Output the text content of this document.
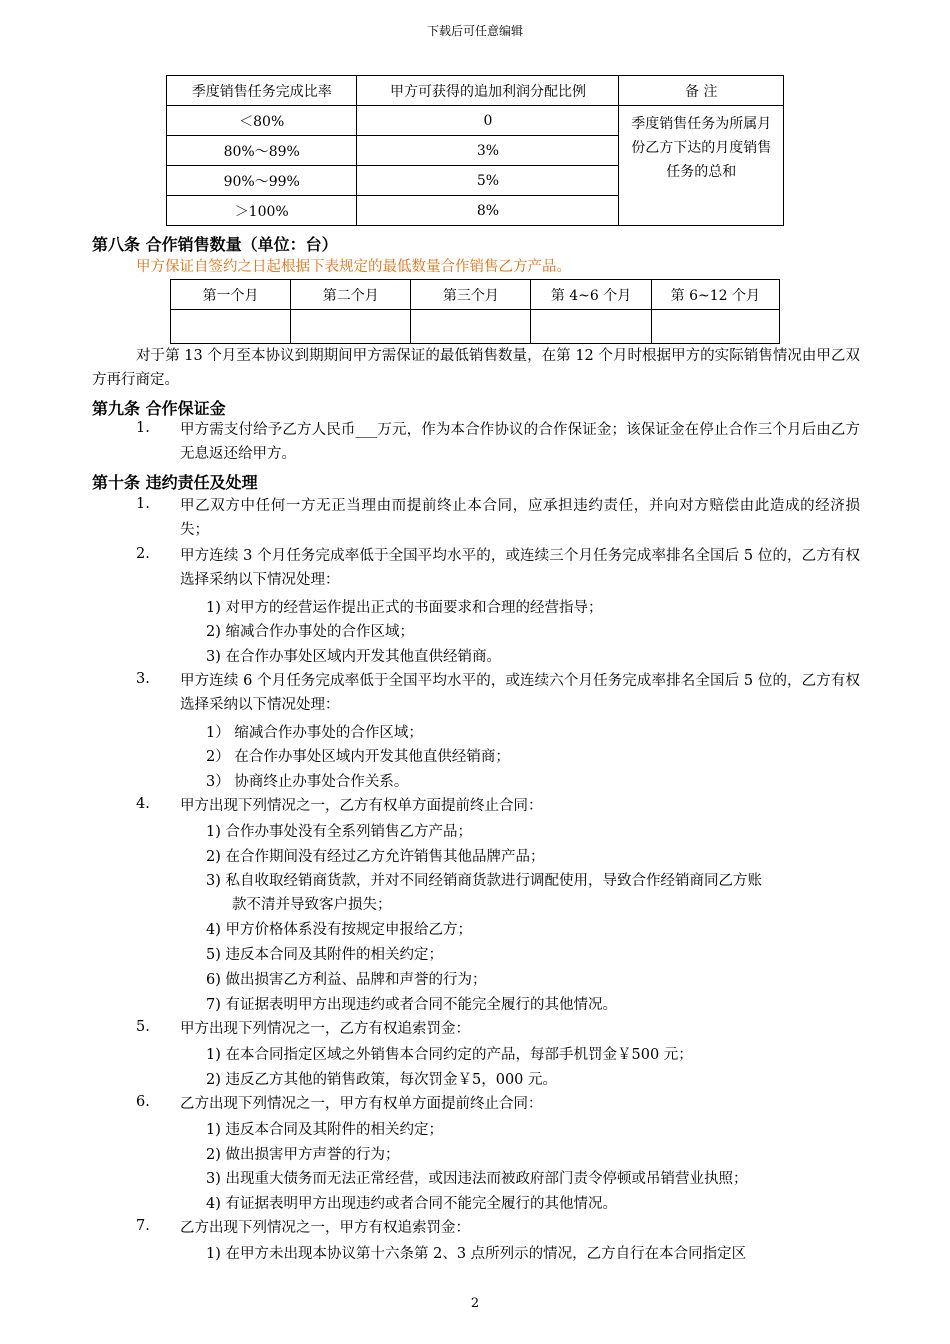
下载后可任意编辑
季度销售任务完成比率	甲方可获得的追加利润分配比例	备 注
＜80%	0	季度销售任务为所属月份乙方下达的月度销售任务的总和
80%～89%	3%	
90%～99%	5%	
＞100%	8%	
第八条 合作销售数量（单位：台）
甲方保证自签约之日起根据下表规定的最低数量合作销售乙方产品。
第一个月	第二个月	第三个月	第 4~6 个月	第 6~12 个月

对于第 13 个月至本协议到期期间甲方需保证的最低销售数量，在第 12 个月时根据甲方的实际销售情况由甲乙双方再行商定。
第九条 合作保证金
1. 甲方需支付给予乙方人民币___万元，作为本合作协议的合作保证金；该保证金在停止合作三个月后由乙方无息返还给甲方。
第十条 违约责任及处理
1. 甲乙双方中任何一方无正当理由而提前终止本合同，应承担违约责任，并向对方赔偿由此造成的经济损失；
2. 甲方连续 3 个月任务完成率低于全国平均水平的，或连续三个月任务完成率排名全国后 5 位的，乙方有权选择采纳以下情况处理：
1) 对甲方的经营运作提出正式的书面要求和合理的经营指导；
2) 缩减合作办事处的合作区域；
3) 在合作办事处区域内开发其他直供经销商。
3. 甲方连续 6 个月任务完成率低于全国平均水平的，或连续六个月任务完成率排名全国后 5 位的，乙方有权选择采纳以下情况处理：
1） 缩减合作办事处的合作区域；
2） 在合作办事处区域内开发其他直供经销商；
3） 协商终止办事处合作关系。
4. 甲方出现下列情况之一，乙方有权单方面提前终止合同：
1) 合作办事处没有全系列销售乙方产品；
2) 在合作期间没有经过乙方允许销售其他品牌产品；
3) 私自收取经销商货款，并对不同经销商货款进行调配使用，导致合作经销商同乙方账
款不清并导致客户损失；
4) 甲方价格体系没有按规定申报给乙方；
5) 违反本合同及其附件的相关约定；
6) 做出损害乙方利益、品牌和声誉的行为；
7) 有证据表明甲方出现违约或者合同不能完全履行的其他情况。
5. 甲方出现下列情况之一，乙方有权追索罚金：
1) 在本合同指定区域之外销售本合同约定的产品，每部手机罚金￥500 元；
2) 违反乙方其他的销售政策，每次罚金￥5，000 元。
6. 乙方出现下列情况之一，甲方有权单方面提前终止合同：
1) 违反本合同及其附件的相关约定；
2) 做出损害甲方声誉的行为；
3) 出现重大债务而无法正常经营，或因违法而被政府部门责令停顿或吊销营业执照；
4) 有证据表明甲方出现违约或者合同不能完全履行的其他情况。
7. 乙方出现下列情况之一，甲方有权追索罚金：
1) 在甲方未出现本协议第十六条第 2、3 点所列示的情况，乙方自行在本合同指定区
2
